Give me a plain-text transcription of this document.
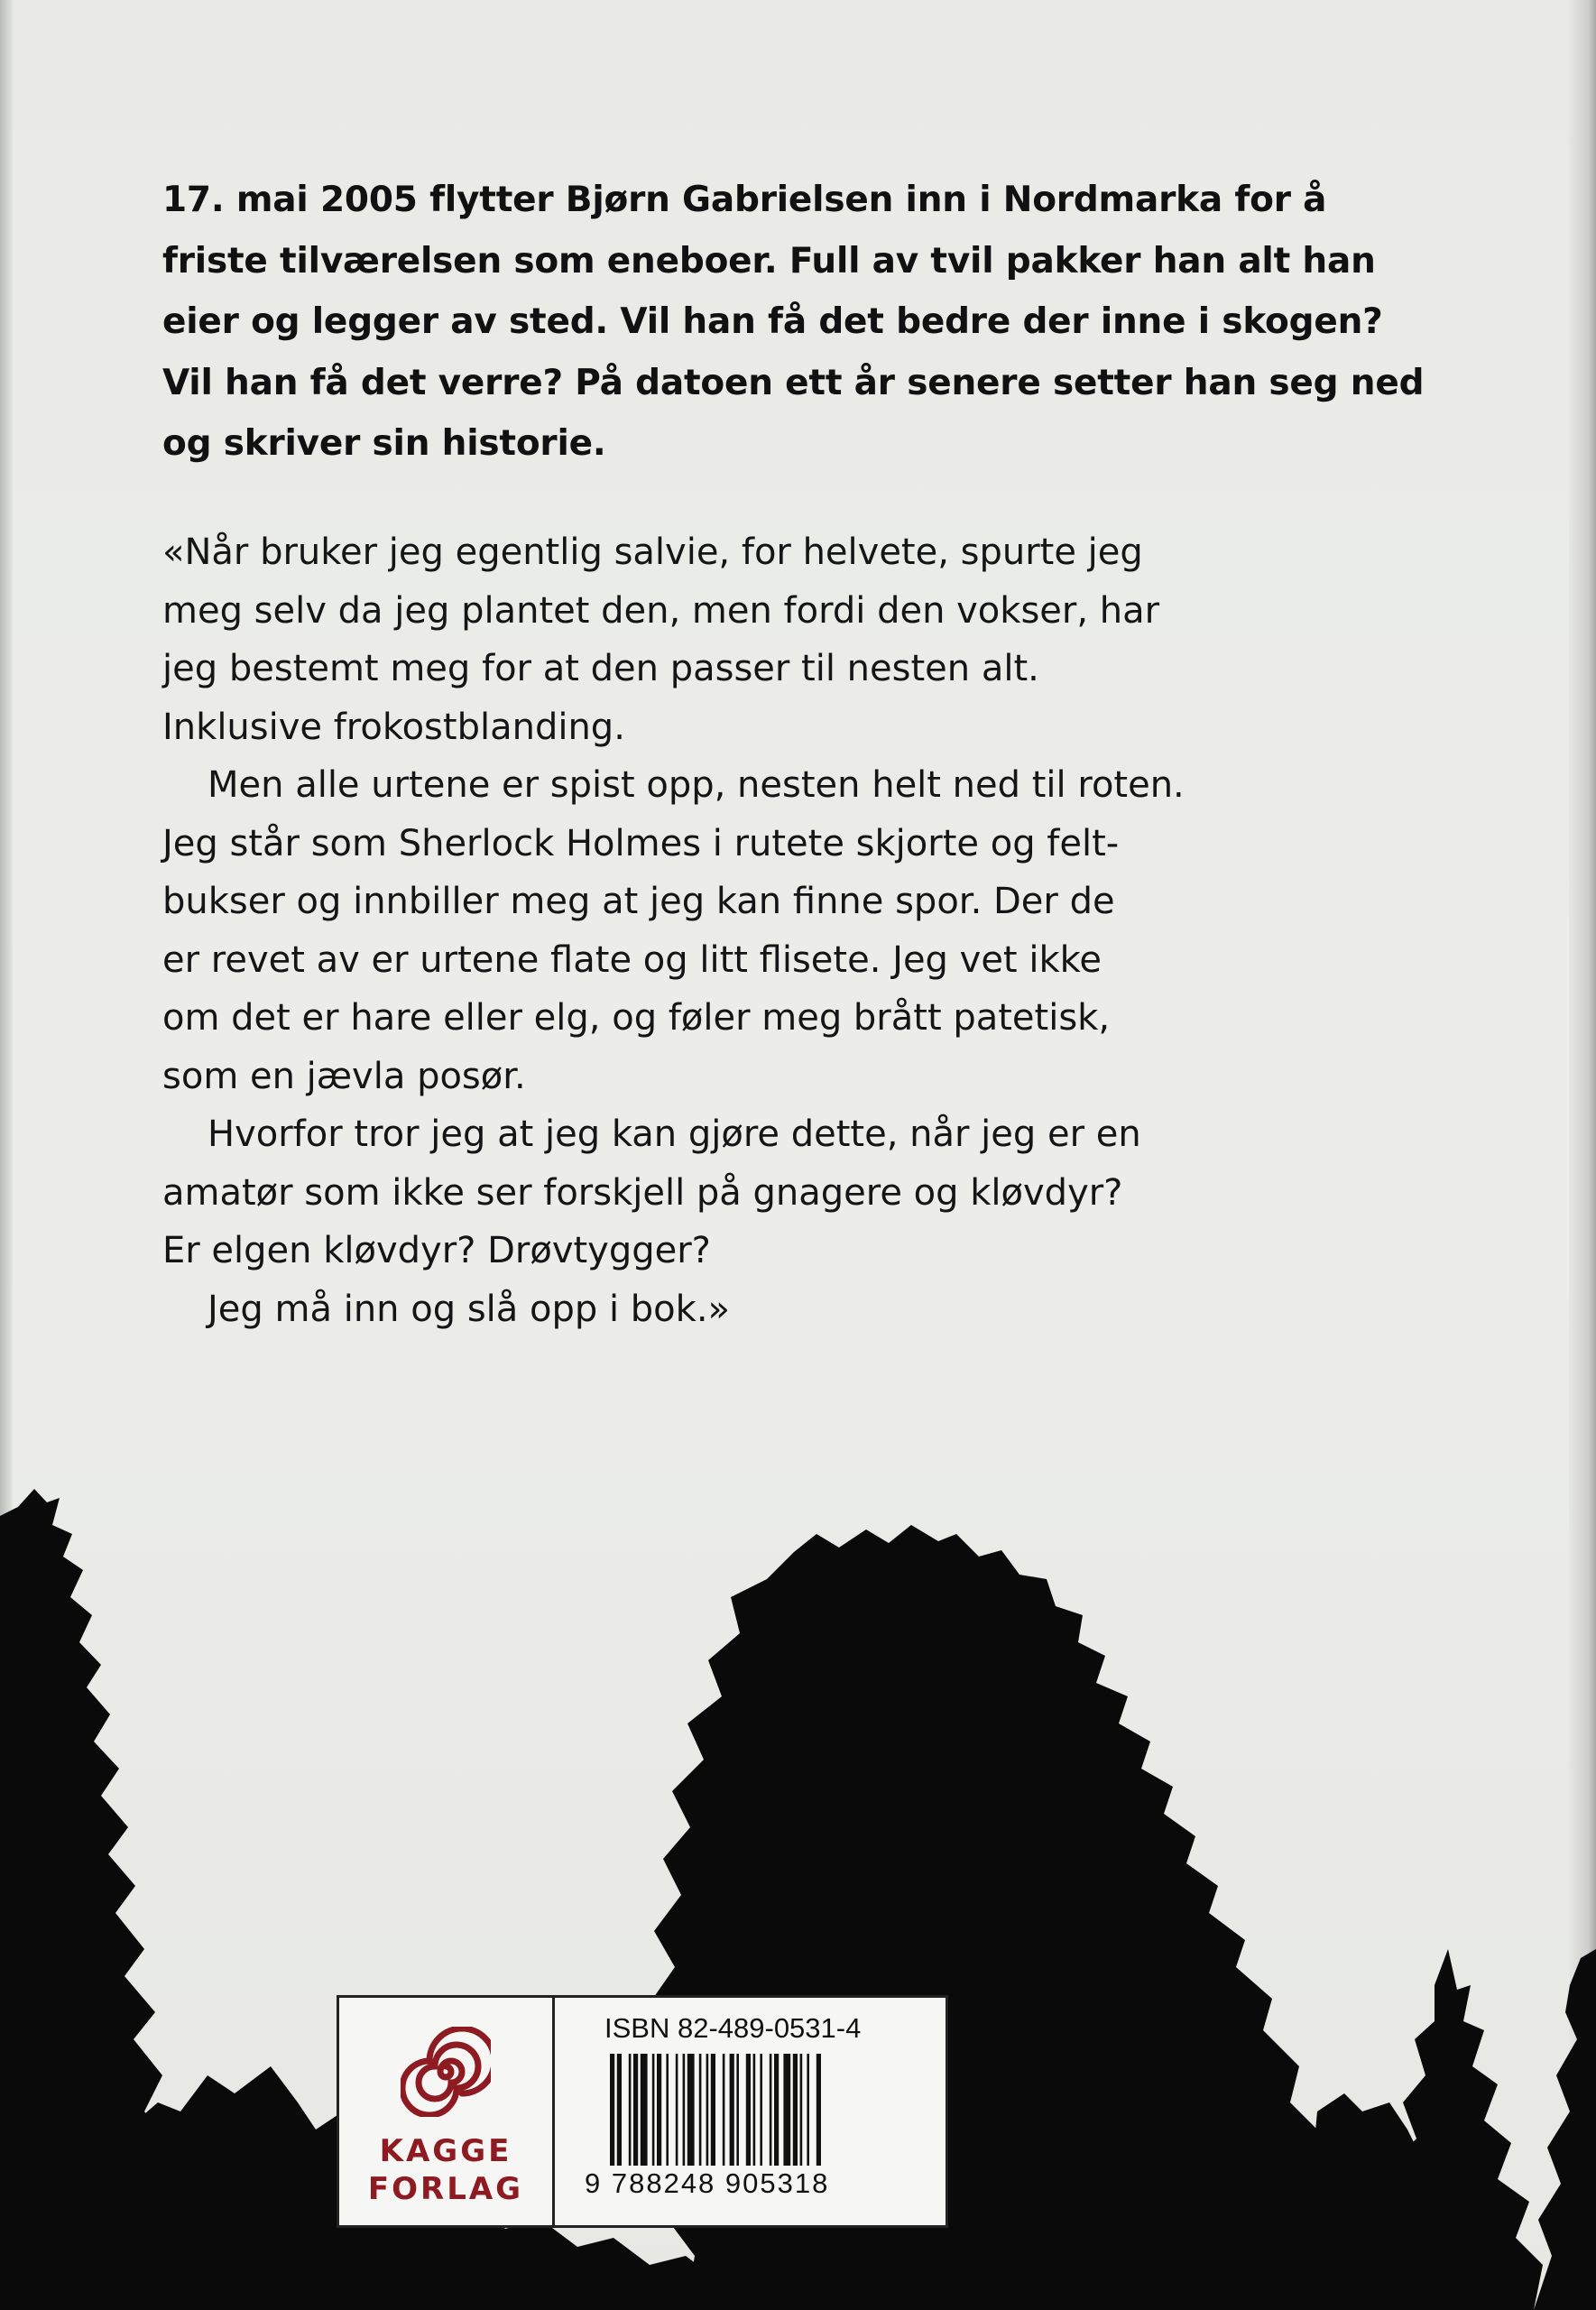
17. mai 2005 flytter Bjørn Gabrielsen inn i Nordmarka for å friste tilværelsen som eneboer. Full av tvil pakker han alt han eier og legger av sted. Vil han få det bedre der inne i skogen? Vil han få det verre? På datoen ett år senere setter han seg ned og skriver sin historie.

«Når bruker jeg egentlig salvie, for helvete, spurte jeg
meg selv da jeg plantet den, men fordi den vokser, har
jeg bestemt meg for at den passer til nesten alt.
Inklusive frokostblanding.

Men alle urtene er spist opp, nesten helt ned til roten.
Jeg står som Sherlock Holmes i rutete skjorte og felt-
bukser og innbiller meg at jeg kan finne spor. Der de
er revet av er urtene flate og litt flisete. Jeg vet ikke
om det er hare eller elg, og føler meg brått patetisk,
som en jævla posør.

Hvorfor tror jeg at jeg kan gjøre dette, når jeg er en
amatør som ikke ser forskjell på gnagere og kløvdyr?
Er elgen kløvdyr? Drøvtygger?

Jeg må inn og slå opp i bok.»

KAGGE
FORLAG
ISBN 82-489-0531-4
9 788248 905318
